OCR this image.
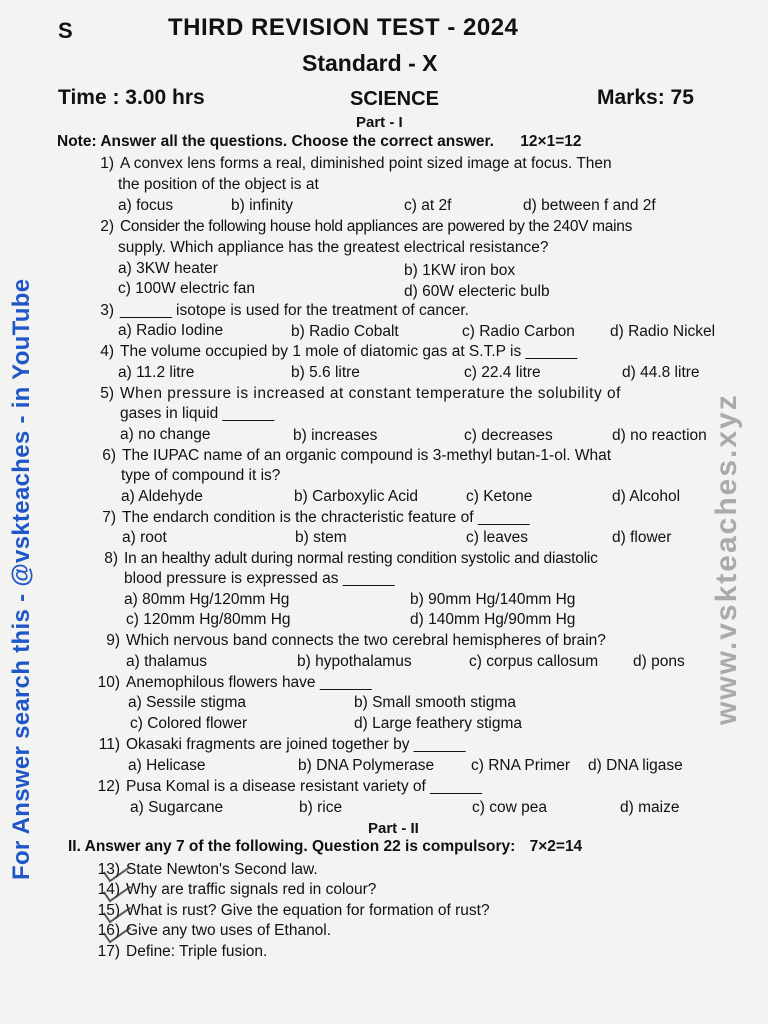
S	THIRD REVISION TEST - 2024
Standard - X
Time : 3.00 hrs	SCIENCE	Marks: 75
Part - I
Note: Answer all the questions. Choose the correct answer. 12×1=12
1) A convex lens forms a real, diminished point sized image at focus. Then
the position of the object is at
a) focus	b) infinity	c) at 2f	d) between f and 2f
2) Consider the following house hold appliances are powered by the 240V mains
supply. Which appliance has the greatest electrical resistance?
a) 3KW heater	b) 1KW iron box
c) 100W electric fan	d) 60W electeric bulb
3) ______ isotope is used for the treatment of cancer.
a) Radio Iodine	b) Radio Cobalt	c) Radio Carbon d) Radio Nickel
4) The volume occupied by 1 mole of diatomic gas at S.T.P is ______
a) 11.2 litre	b) 5.6 litre	c) 22.4 litre	d) 44.8 litre
5) When pressure is increased at constant temperature the solubility of
gases in liquid ______
a) no change	b) increases	c) decreases	d) no reaction
6) The IUPAC name of an organic compound is 3-methyl butan-1-ol. What
type of compound it is?
a) Aldehyde	b) Carboxylic Acid	c) Ketone	d) Alcohol
7) The endarch condition is the chracteristic feature of ______
a) root	b) stem	c) leaves	d) flower
8) In an healthy adult during normal resting condition systolic and diastolic
blood pressure is expressed as ______
a) 80mm Hg/120mm Hg	b) 90mm Hg/140mm Hg
c) 120mm Hg/80mm Hg	d) 140mm Hg/90mm Hg
9) Which nervous band connects the two cerebral hemispheres of brain?
a) thalamus	b) hypothalamus	c) corpus callosum d) pons
10) Anemophilous flowers have ______
a) Sessile stigma	b) Small smooth stigma
c) Colored flower	d) Large feathery stigma
11) Okasaki fragments are joined together by ______
a) Helicase	b) DNA Polymerase c) RNA Primer d) DNA ligase
12) Pusa Komal is a disease resistant variety of ______
a) Sugarcane	b) rice	c) cow pea	d) maize
Part - II
II. Answer any 7 of the following. Question 22 is compulsory: 7×2=14
13) State Newton's Second law.
14) Why are traffic signals red in colour?
15) What is rust? Give the equation for formation of rust?
16) Give any two uses of Ethanol.
17) Define: Triple fusion.
For Answer search this - @vskteaches - in YouTube	www.vskteaches.xyz
